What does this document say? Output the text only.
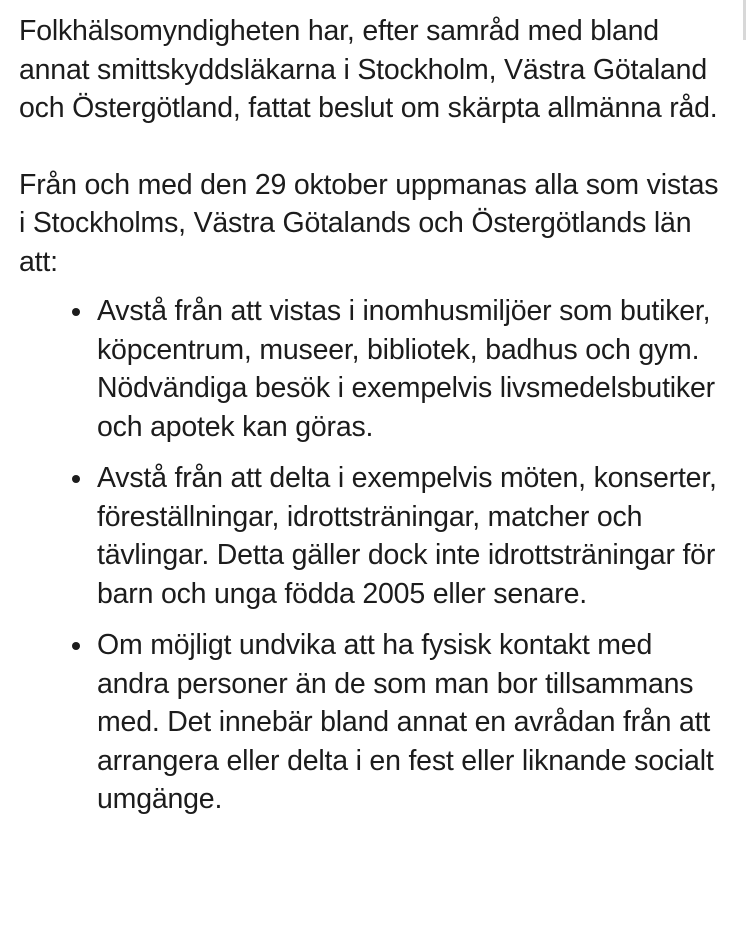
Folkhälsomyndigheten har, efter samråd med bland annat smittskyddsläkarna i Stockholm, Västra Götaland och Östergötland, fattat beslut om skärpta allmänna råd.

Från och med den 29 oktober uppmanas alla som vistas i Stockholms, Västra Götalands och Östergötlands län att:

Avstå från att vistas i inomhusmiljöer som butiker, köpcentrum, museer, bibliotek, badhus och gym. Nödvändiga besök i exempelvis livsmedelsbutiker och apotek kan göras.
Avstå från att delta i exempelvis möten, konserter, föreställningar, idrottsträningar, matcher och tävlingar. Detta gäller dock inte idrottsträningar för barn och unga födda 2005 eller senare.
Om möjligt undvika att ha fysisk kontakt med andra personer än de som man bor tillsammans med. Det innebär bland annat en avrådan från att arrangera eller delta i en fest eller liknande socialt umgänge.
